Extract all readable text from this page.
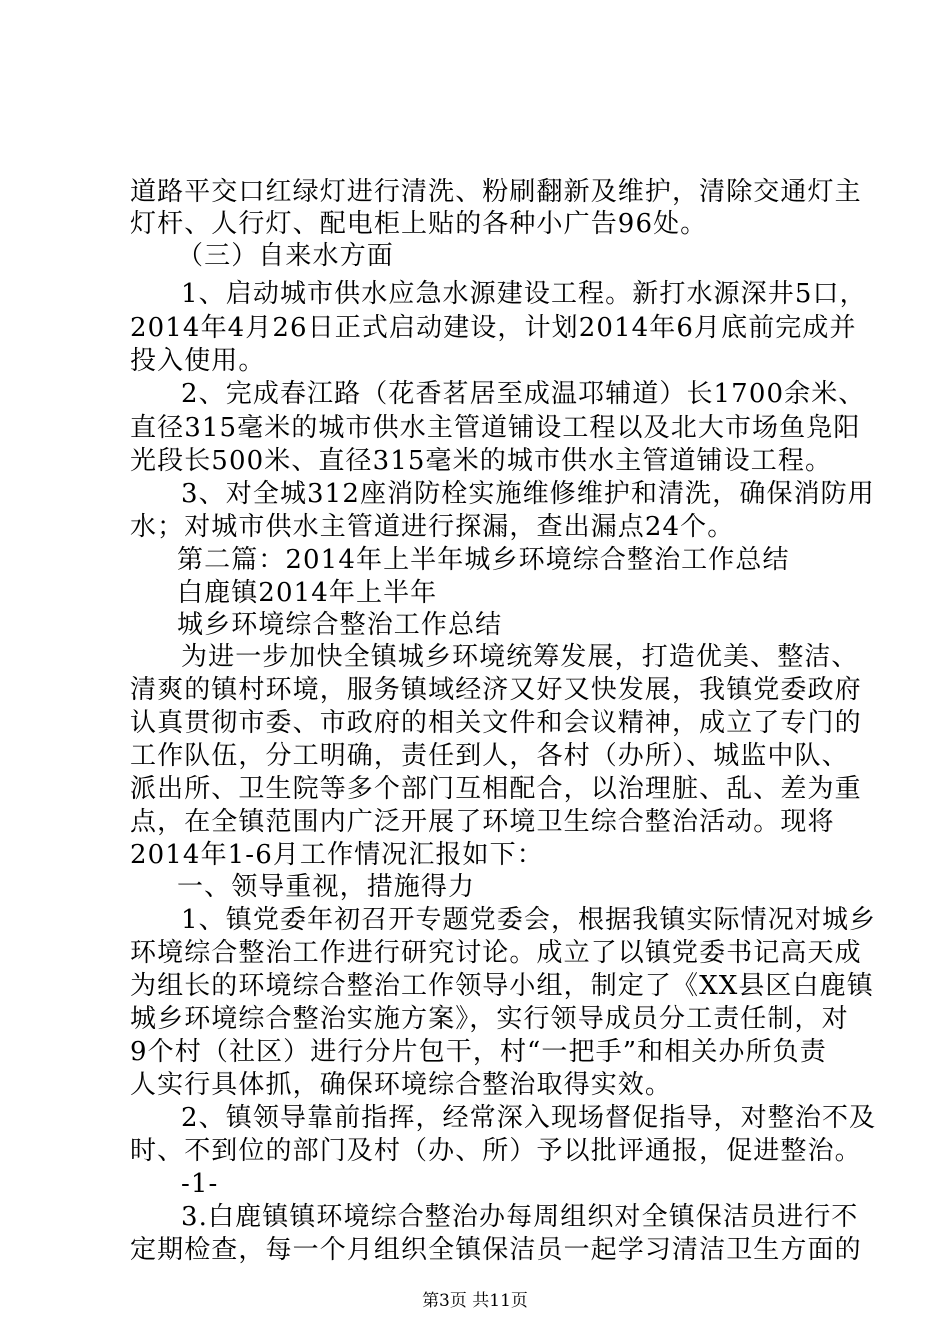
道路平交口红绿灯进行清洗、粉刷翻新及维护，清除交通灯主
灯杆、人行灯、配电柜上贴的各种小广告96处。
（三）自来水方面
1、启动城市供水应急水源建设工程。新打水源深井5口，
2014年4月26日正式启动建设，计划2014年6月底前完成并
投入使用。
2、完成春江路（花香茗居至成温邛辅道）长1700余米、
直径315毫米的城市供水主管道铺设工程以及北大市场鱼凫阳
光段长500米、直径315毫米的城市供水主管道铺设工程。
3、对全城312座消防栓实施维修维护和清洗，确保消防用
水；对城市供水主管道进行探漏，查出漏点24个。
第二篇：2014年上半年城乡环境综合整治工作总结
白鹿镇2014年上半年
城乡环境综合整治工作总结
为进一步加快全镇城乡环境统筹发展，打造优美、整洁、
清爽的镇村环境，服务镇域经济又好又快发展，我镇党委政府
认真贯彻市委、市政府的相关文件和会议精神，成立了专门的
工作队伍，分工明确，责任到人，各村（办所）、城监中队、
派出所、卫生院等多个部门互相配合，以治理脏、乱、差为重
点，在全镇范围内广泛开展了环境卫生综合整治活动。现将
2014年1-6月工作情况汇报如下：
一、领导重视，措施得力
1、镇党委年初召开专题党委会，根据我镇实际情况对城乡
环境综合整治工作进行研究讨论。成立了以镇党委书记高天成
为组长的环境综合整治工作领导小组，制定了《XX县区白鹿镇
城乡环境综合整治实施方案》，实行领导成员分工责任制，对
9个村（社区）进行分片包干，村“一把手”和相关办所负责
人实行具体抓，确保环境综合整治取得实效。
2、镇领导靠前指挥，经常深入现场督促指导，对整治不及
时、不到位的部门及村（办、所）予以批评通报，促进整治。
-1-
3.白鹿镇镇环境综合整治办每周组织对全镇保洁员进行不
定期检查，每一个月组织全镇保洁员一起学习清洁卫生方面的
第3页 共11页
